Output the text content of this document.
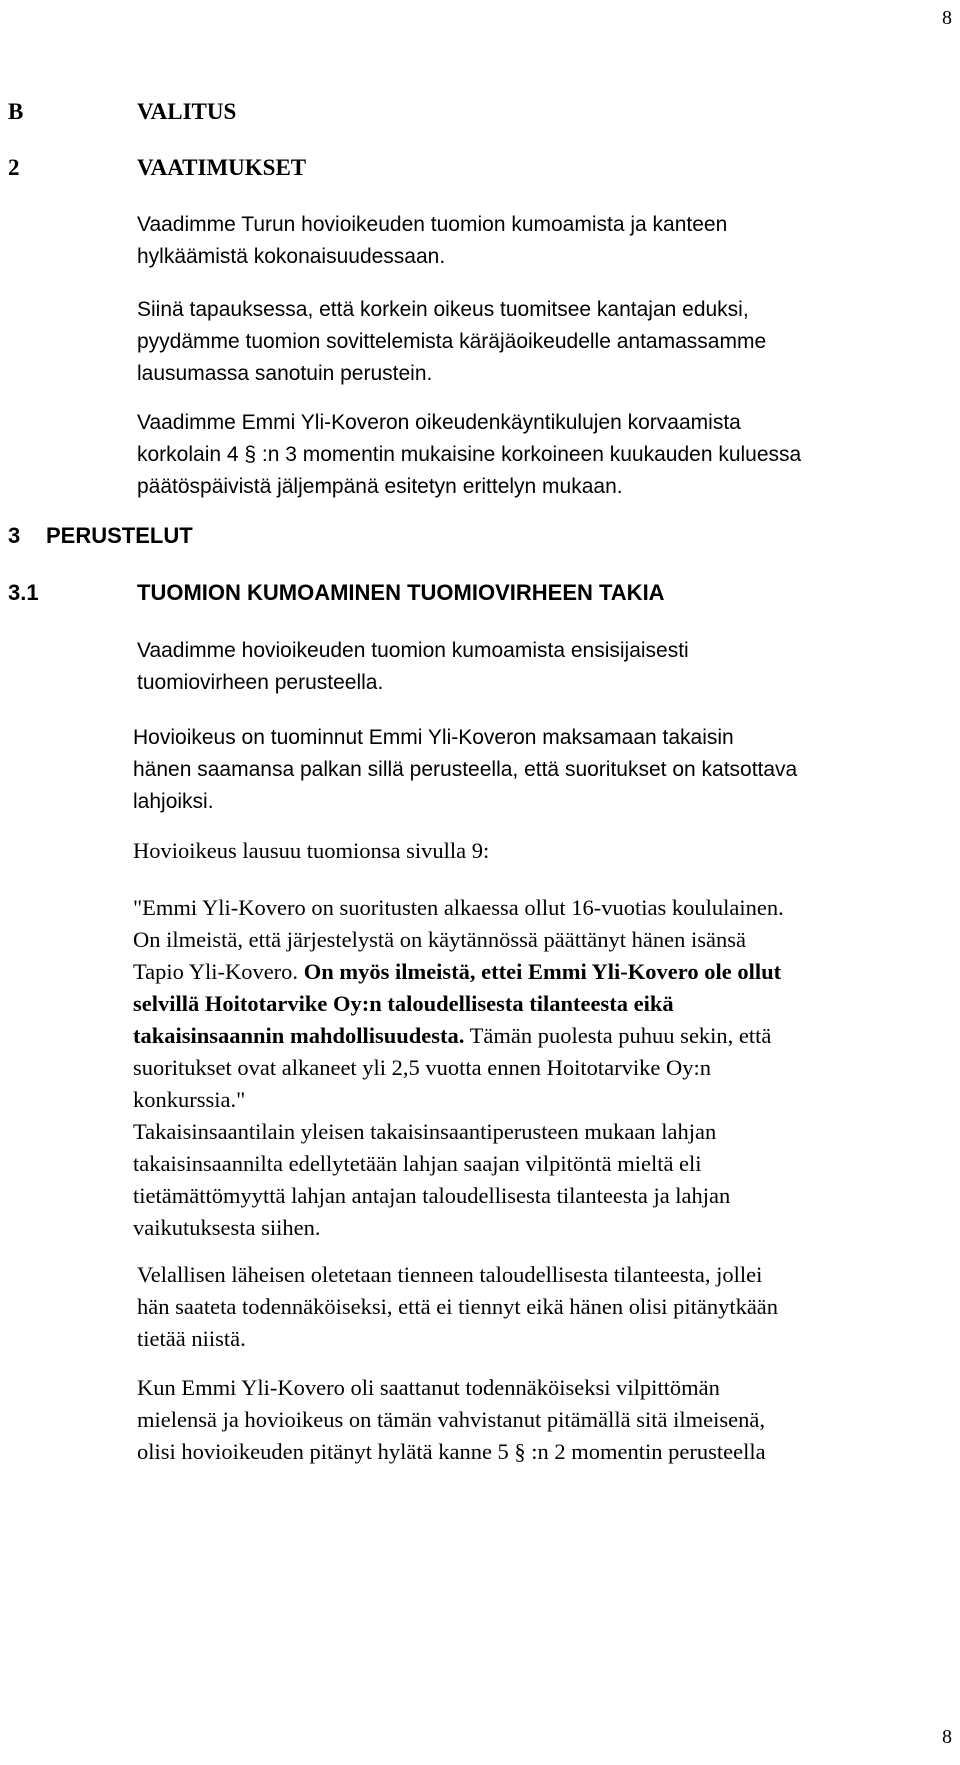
8
B	VALITUS
2	VAATIMUKSET
Vaadimme Turun hovioikeuden tuomion kumoamista ja kanteen
hylkäämistä kokonaisuudessaan.
Siinä tapauksessa, että korkein oikeus tuomitsee kantajan eduksi,
pyydämme tuomion sovittelemista käräjäoikeudelle antamassamme
lausumassa sanotuin perustein.
Vaadimme Emmi Yli-Koveron oikeudenkäyntikulujen korvaamista
korkolain 4 § :n 3 momentin mukaisine korkoineen kuukauden kuluessa
päätöspäivistä jäljempänä esitetyn erittelyn mukaan.
3 PERUSTELUT
3.1	TUOMION KUMOAMINEN TUOMIOVIRHEEN TAKIA
Vaadimme hovioikeuden tuomion kumoamista ensisijaisesti
tuomiovirheen perusteella.
Hovioikeus on tuominnut Emmi Yli-Koveron maksamaan takaisin
hänen saamansa palkan sillä perusteella, että suoritukset on katsottava
lahjoiksi.
Hovioikeus lausuu tuomionsa sivulla 9:
"Emmi Yli-Kovero on suoritusten alkaessa ollut 16-vuotias koululainen.
On ilmeistä, että järjestelystä on käytännössä päättänyt hänen isänsä
Tapio Yli-Kovero. On myös ilmeistä, ettei Emmi Yli-Kovero ole ollut
selvillä Hoitotarvike Oy:n taloudellisesta tilanteesta eikä
takaisinsaannin mahdollisuudesta. Tämän puolesta puhuu sekin, että
suoritukset ovat alkaneet yli 2,5 vuotta ennen Hoitotarvike Oy:n
konkurssia."
Takaisinsaantilain yleisen takaisinsaantiperusteen mukaan lahjan
takaisinsaannilta edellytetään lahjan saajan vilpitöntä mieltä eli
tietämättömyyttä lahjan antajan taloudellisesta tilanteesta ja lahjan
vaikutuksesta siihen.
Velallisen läheisen oletetaan tienneen taloudellisesta tilanteesta, jollei
hän saateta todennäköiseksi, että ei tiennyt eikä hänen olisi pitänytkään
tietää niistä.
Kun Emmi Yli-Kovero oli saattanut todennäköiseksi vilpittömän
mielensä ja hovioikeus on tämän vahvistanut pitämällä sitä ilmeisenä,
olisi hovioikeuden pitänyt hylätä kanne 5 § :n 2 momentin perusteella
8
